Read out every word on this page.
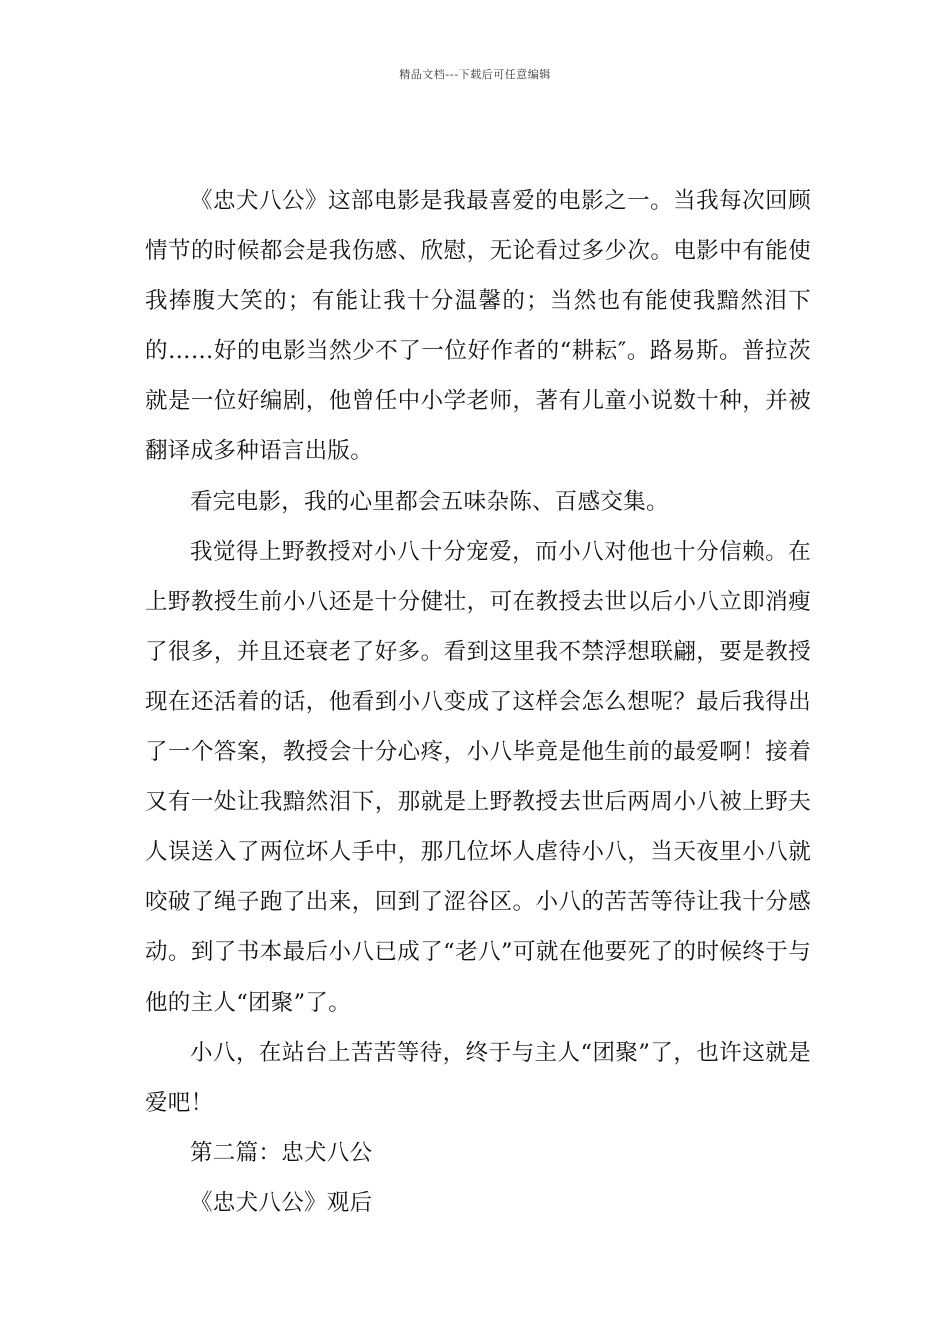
精品文档---下载后可任意编辑

《忠犬八公》这部电影是我最喜爱的电影之一。当我每次回顾情节的时候都会是我伤感、欣慰，无论看过多少次。电影中有能使我捧腹大笑的；有能让我十分温馨的；当然也有能使我黯然泪下的……好的电影当然少不了一位好作者的“耕耘″。路易斯。普拉茨就是一位好编剧，他曾任中小学老师，著有儿童小说数十种，并被翻译成多种语言出版。

看完电影，我的心里都会五味杂陈、百感交集。

我觉得上野教授对小八十分宠爱，而小八对他也十分信赖。在上野教授生前小八还是十分健壮，可在教授去世以后小八立即消瘦了很多，并且还衰老了好多。看到这里我不禁浮想联翩，要是教授现在还活着的话，他看到小八变成了这样会怎么想呢？最后我得出了一个答案，教授会十分心疼，小八毕竟是他生前的最爱啊！接着又有一处让我黯然泪下，那就是上野教授去世后两周小八被上野夫人误送入了两位坏人手中，那几位坏人虐待小八，当天夜里小八就咬破了绳子跑了出来，回到了涩谷区。小八的苦苦等待让我十分感动。到了书本最后小八已成了“老八”可就在他要死了的时候终于与他的主人“团聚”了。

小八，在站台上苦苦等待，终于与主人“团聚”了，也许这就是爱吧！

第二篇：忠犬八公

《忠犬八公》观后
